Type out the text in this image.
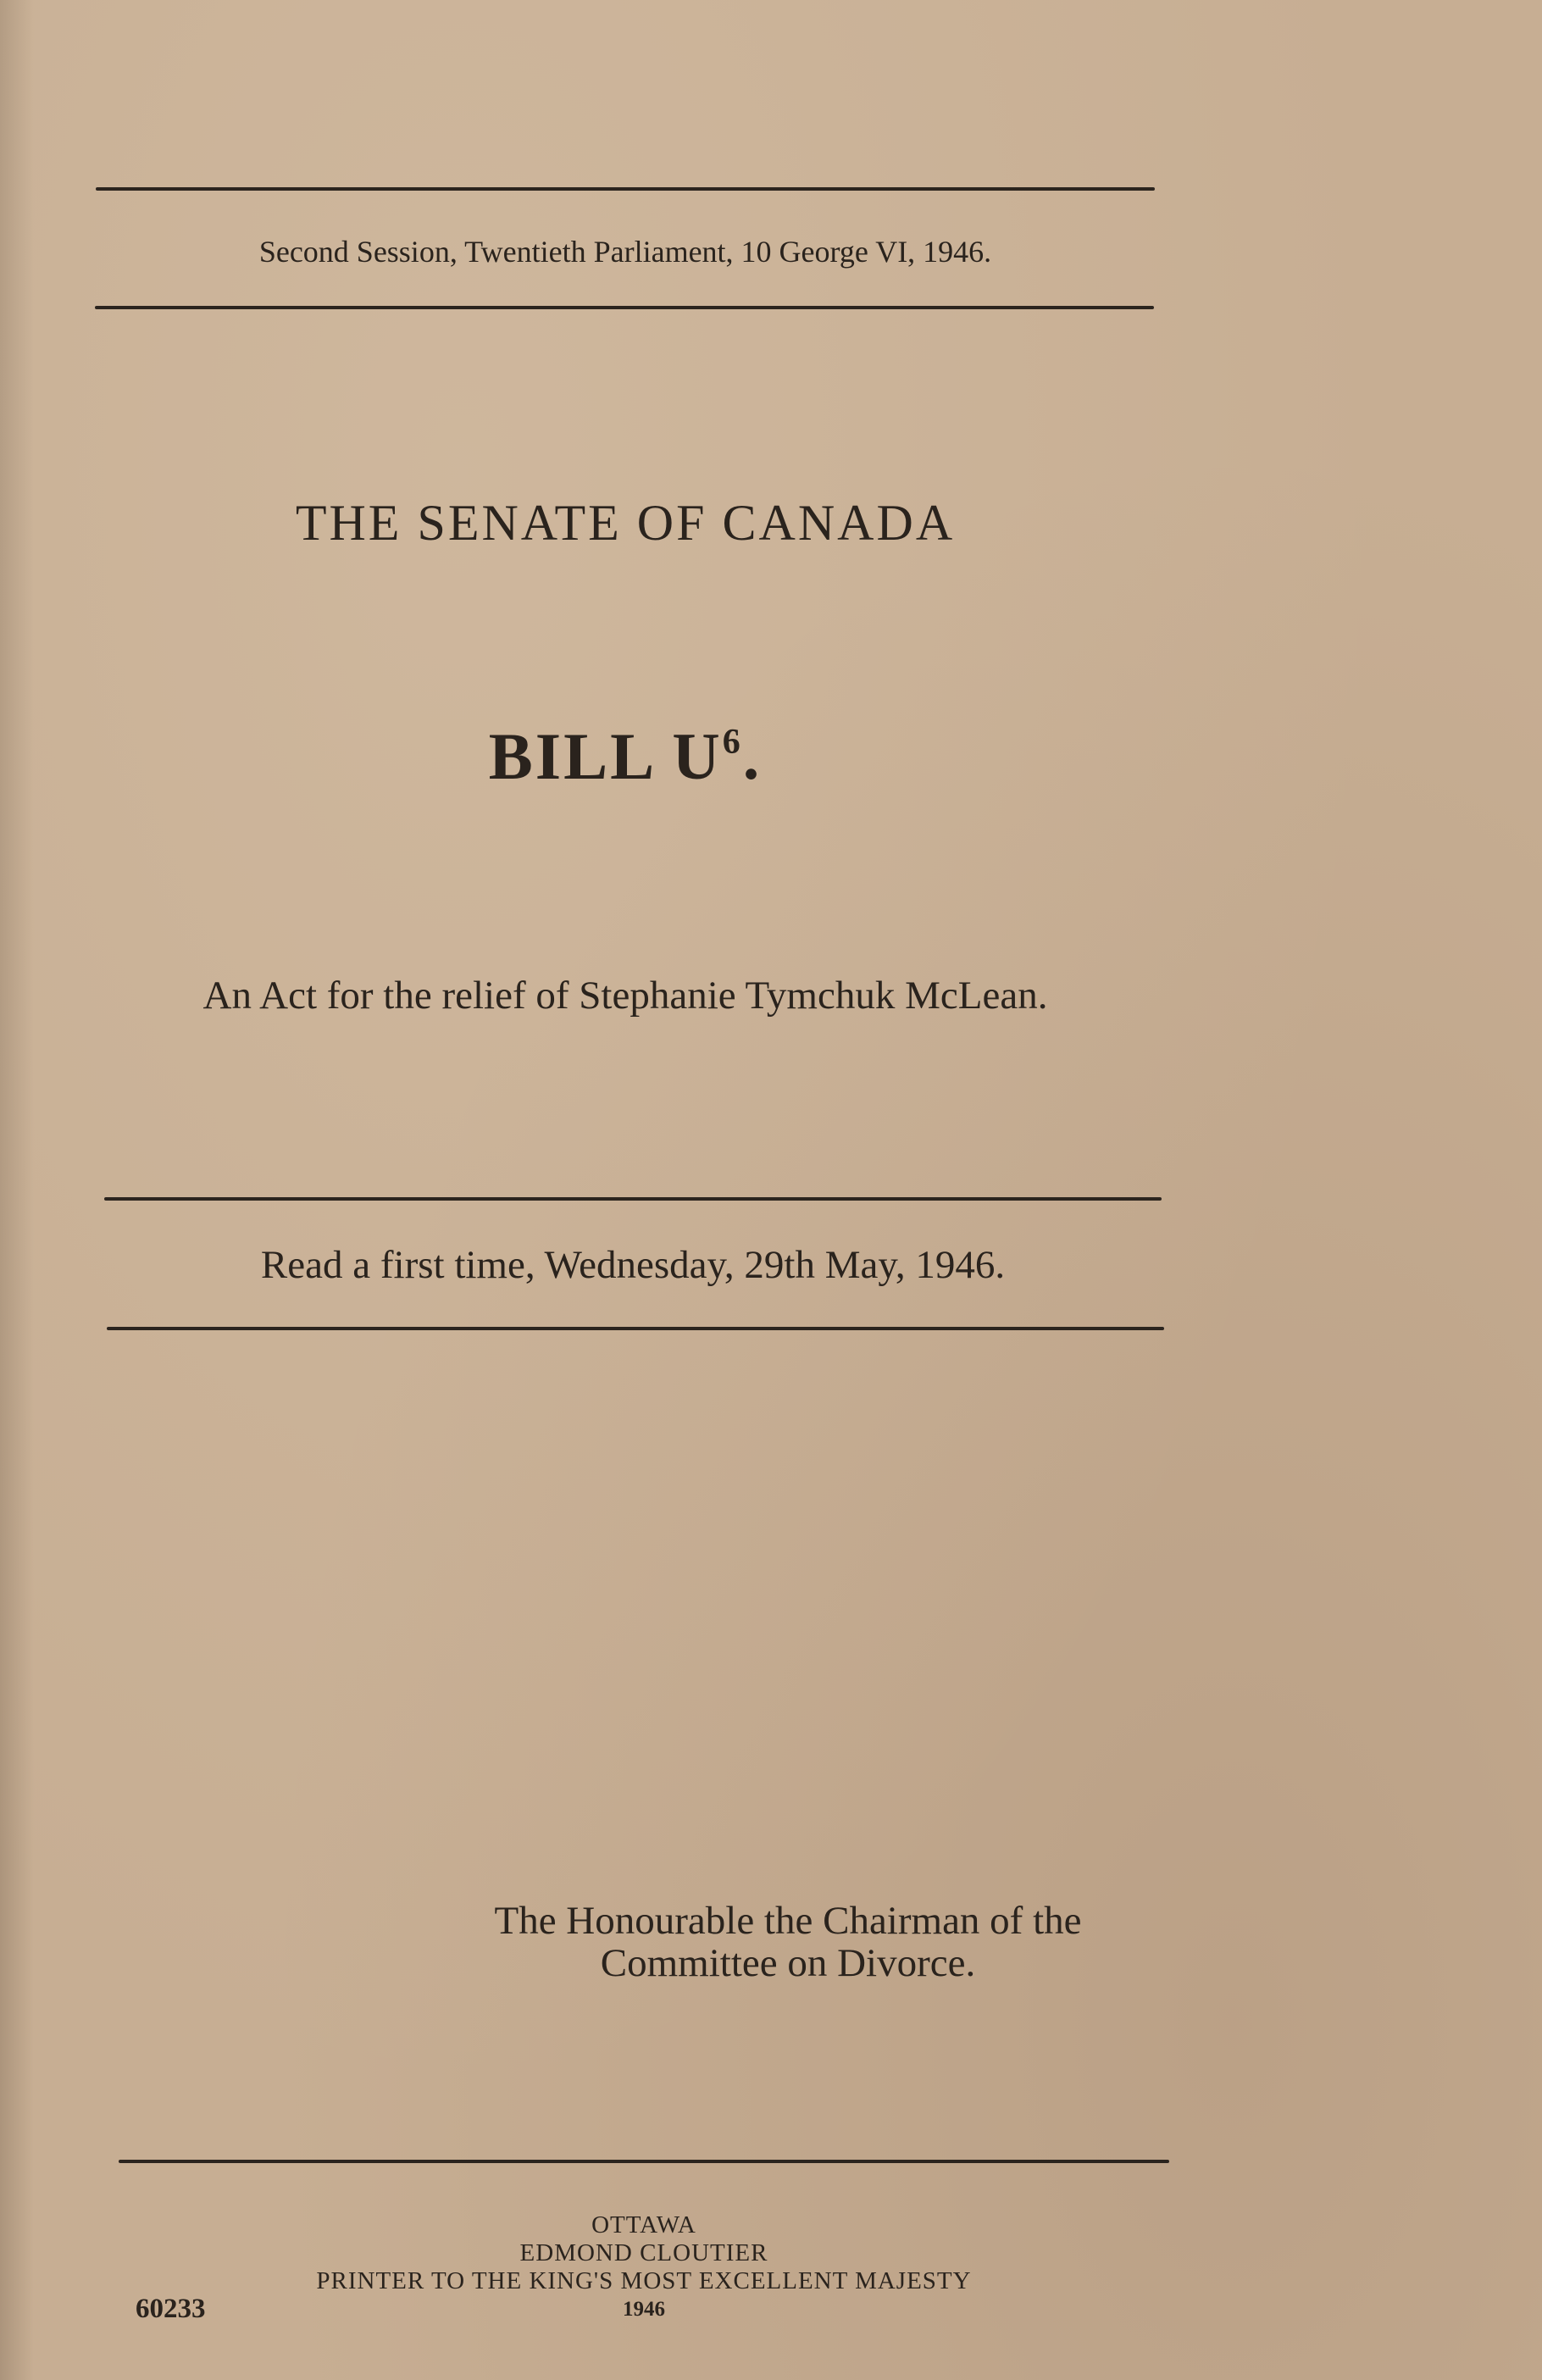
Second Session, Twentieth Parliament, 10 George VI, 1946.
THE SENATE OF CANADA
BILL $U^6$.
An Act for the relief of Stephanie Tymchuk McLean.
Read a first time, Wednesday, 29th May, 1946.
The Honourable the Chairman of the
Committee on Divorce.
OTTAWA
EDMOND CLOUTIER
PRINTER TO THE KING'S MOST EXCELLENT MAJESTY
1946
60233
